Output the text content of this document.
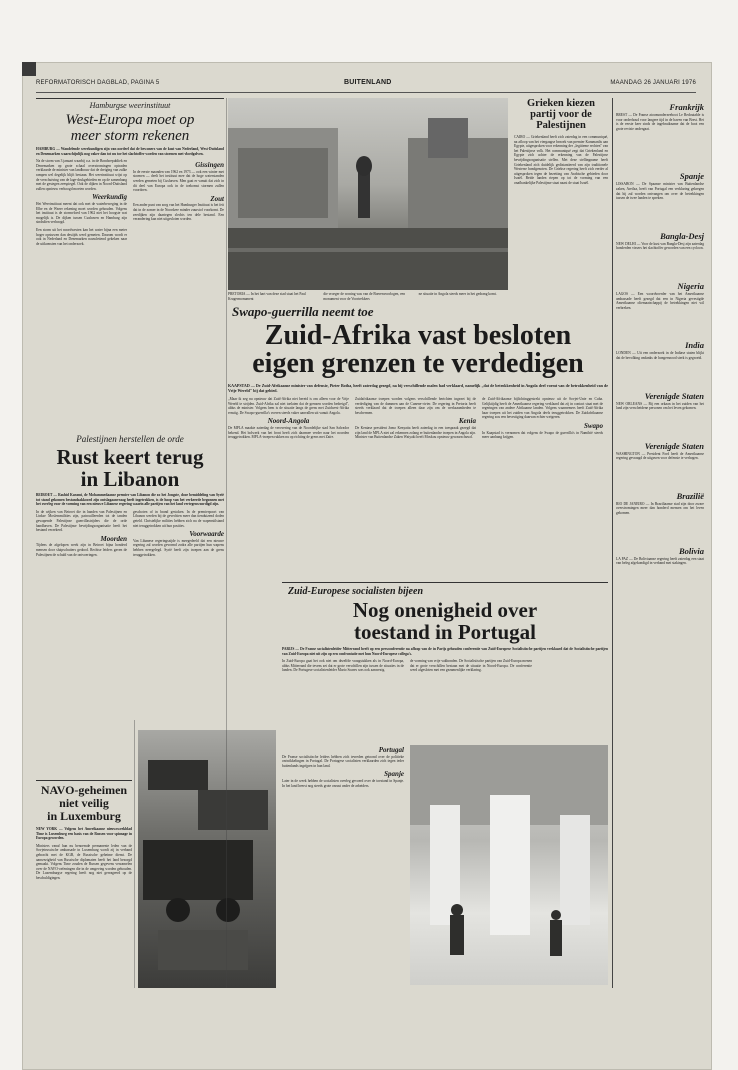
REFORMATORISCH DAGBLAD, PAGINA 5	BUITENLAND	MAANDAG 26 JANUARI 1976
Hamburgse weerinstituut
West-Europa moet op
meer storm rekenen
HAMBURG — Wandelende weerkundigen zijn van oordeel dat de bewoners van de kust van Nederland, West-Duitsland en Denemarken waarschijnlijk nog vaker dan tot nu toe het slachtoffer worden van stormen met vloedgolven.

Na de storm van 3 januari waarbij o.a. in de Bondsrepubliek en Denemarken op grote schaal overstromingen optraden verklaarde de minister van landbouw dat de dreiging van zulke rampen wel degelijk blijft bestaan. Het weerinstituut wijst op de verschuiving van de lage-drukgebieden en op de samenhang met de gestegen zeespiegel. Ook de dijken in Noord-Duitsland zullen opnieuw verhoogd moeten worden.

Weerkundig

Het Weerinstituut meent dat ook met de waterbeweging in de Elbe en de Wezer rekening moet worden gehouden. Volgens het instituut is de stormvloed van 1962 niet het hoogste wat mogelijk is. De dijken tussen Cuxhaven en Hamburg zijn sindsdien verhoogd.

Een storm uit het noordwesten kan het water bijna een meter hoger opstuwen dan destijds werd gemeten. Daarom wordt er ook in Nederland en Denemarken nauwlettend gekeken naar de uitkomsten van het onderzoek.

Gissingen

In de eerste maanden van 1962 en 1973 — ook een winter met stormen — deelt het instituut mee dat de hoge waterstanden werden gemeten bij Cuxhaven. Men gaat er vanuit dat zich in dit deel van Europa ook in de toekomst stormen zullen voordoen.

Zout

Een ander punt van zorg van het Hamburger Instituut is het feit dat in de zomer in de Noordzee minder zuurstof voorkomt. De zeedijken zijn daartegen slechts ten dele bestand. Een verandering kan niet uitgesloten worden.

PRETORIA — In het hart van deze stad staat het Paul Krugermonument
die vroeger de woning was van de Boerenvoorlogen, een monument voor de Voortrekkers
ne situatie in Angola steeds meer in het gedrang komt.
Grieken kiezen
partij voor de
Palestijnen
CAIRO — Griekenland heeft zich zaterdag in een communiqué, na afloop van het viergaagse bezoek van premier Karamanlis aan Egypte, uitgesproken voor erkenning der „legitieme rechten" van het Palestijnse volk. Het communiqué zegt dat Griekenland en Egypte zich achter de erkenning van de Palestijnse bevrijdingsorganisatie stellen. Met deze stellingname heeft Griekenland zich duidelijk gedistantieerd van zijn traditionele Westerse bondgenoten. De Griekse regering heeft zich eerder al uitgesproken tegen de bezetting van Arabische gebieden door Israël. Beide landen riepen op tot de vorming van een onafhankelijke Palestijnse staat naast de staat Israël.
Swapo-guerrilla neemt toe
Zuid-Afrika vast besloten
eigen grenzen te verdedigen
KAAPSTAD — De Zuid-Afrikaanse minister van defensie, Pieter Botha, heeft zaterdag gezegd, na bij verschillende malen had verklaard, namelijk „dat de betrokkenheid in Angola deel vormt van de betrokkenheid van de Vrije Wereld" bij dat gebied.

„Maar ik zeg nu opnieuw dat Zuid-Afrika niet bereid is om alleen voor de Vrije Wereld te strijden. Zuid-Afrika zal niet toelaten dat de grenzen worden bedreigd", aldus de minister. Volgens hem is de situatie langs de grens met Zuidwest-Afrika ernstig. De Swapo-guerrilla's voeren steeds vaker aanvallen uit vanuit Angola.

Noord-Angola

De MPLA maakte zaterdag de verovering van de Noordelijke stad San Salvador bekend. Het bolwerk van het front heeft zich daarmee verder naar het noorden teruggetrokken. MPLA-troepen rukken nu op richting de grens met Zaïre.

Zuidafrikaanse troepen worden volgens verschillende berichten ingezet bij de verdediging van de dammen aan de Cunene-rivier. De regering in Pretoria heeft steeds verklaard dat de troepen alleen daar zijn om de werkzaamheden te beschermen.

Kenia

De Keniase president Jomo Kenyatta heeft zaterdag in een toespraak gezegd dat zijn land de MPLA niet zal erkennen zolang er buitenlandse troepen in Angola zijn. Minister van Buitenlandse Zaken Waiyaki heeft Moskou opnieuw gewaarschuwd.

de Zuid-Afrikaanse bijlichtinggestrekt opnieuw uit de Sovjet-Unie en Cuba. Gelijktijdig heeft de Amerikaanse regering verklaard dat zij in contact staat met de regeringen van andere Afrikaanse landen. Volgens waarnemers heeft Zuid-Afrika haar troepen uit het zuiden van Angola deels teruggetrokken. De Zuidafrikaanse regering zou een bevestiging daarvan echter weigeren.

Swapo

In Kaapstad is vernomen dat volgens de Swapo de guerrilla's in Namibië steeds meer aanhang krijgen.

Palestijnen herstellen de orde
Rust keert terug
in Libanon
BEIROET — Rashid Karami, de Mohammedaanse premier van Libanon die zo het Jongste, door bemiddeling van Syrië tot stand gekomen bestandsakkoord zijn ontslagaanvraag heeft ingetrokken, is de hoop van het verkeerde begonnen met het overleg voor de vorming van een nieuwe Libanese regering waarin alle partijen van het land vertegenwoordigd zijn.

In de wijken van Beiroet die in handen van Palestijnen en Linkse Moslemmilities zijn, patrouilleerden tot de tanden gewapende Palestijnse guerrillastrijders die de orde handhaven. De Palestijnse bevrijdingsorganisatie heeft het bestand verzekerd.

Moorden

Tijdens de afgelopen week zijn in Beiroet bijna honderd mensen door sluipschutters gedood. Rechtse leiders gaven de Palestijnen de schuld van de ontvoeringen.

geschoten of in brand gestoken. In de premierpoort van Libanon werden bij de gevechten meer dan tienduizend doden geteld. Christelijke milities hebben zich na de wapenstilstand niet teruggetrokken uit hun posities.

Voorwaarde

Van Libanese regeringszijde is meegedeeld dat een nieuwe regering zal worden gevormd zodra alle partijen hun wapens hebben neergelegd. Syrië heeft zijn troepen aan de grens teruggetrokken.

NAVO-geheimen
niet veilig
in Luxemburg
NEW YORK — Volgens het Amerikaanse nieuwsweekblad Time is Luxemburg een basis van de Russen voor spionage in Europa geworden.
Ministers vanaf hun nu benoemde permanente leden van de Sovjetrussische ambassade in Luxemburg wordt zij in verband gebracht met de KGB, de Russische geheime dienst. De aanwezigheid van Russische diplomaten heeft het land bezorgd gemaakt. Volgens Time zouden de Russen gegevens verzamelen over de NAVO-oefeningen die in de omgeving worden gehouden. De Luxemburgse regering heeft nog niet gereageerd op de beschuldigingen.
Zuid-Europese socialisten bijeen
Nog onenigheid over
toestand in Portugal
PARIJS — De Franse socialistenleider Mitterrand heeft op een persconferentie na afloop van de in Parijs gehouden conferentie van Zuid-Europese Socialistische partijen verklaard dat de Socialistische partijen van Zuid-Europa niet uit zijn op een confrontatie met hun Noord-Europese collega's.

In Zuid-Europa gaat het ook niet om dezelfde vraagstukken als in Noord-Europa, aldus Mitterrand die tevens zei dat er grote verschillen zijn tussen de situaties in de landen. De Portugese socialistenleider Mario Soares was ook aanwezig.

de vorming van vrije vakbonden. De Socialistische partijen van Zuid-Europa menen dat er grote verschillen bestaan met de situatie in Noord-Europa. De conferentie werd afgesloten met een gezamenlijke verklaring.

Portugal

De Franse socialistische leiders hebben zich tevreden getoond over de politieke ontwikkelingen in Portugal. De Portugese socialisten verklaarden zich tegen ieder buitenlands ingrijpen in hun land.

Spanje

Later in de week hebben de socialisten overleg gevoerd over de toestand in Spanje. In het land heerst nog steeds grote onrust onder de arbeiders.

Frankrijk
BREST — De Franse atoomonderzeeboot Le Redoutable is voor onderhoud voor langere tijd in de haven van Brest. Het is de eerste keer sinds de ingebruikname dat de boot een grote revisie ondergaat.
Spanje
LISSABON — De Spaanse minister van Buitenlandse zaken, Areilza, heeft van Portugal een verklaring gekregen dat hij zal worden ontvangen om over de betrekkingen tussen de twee landen te spreken.
Bangla-Desj
NEW DELHI — Voor de kust van Bangla-Desj zijn zaterdag honderden vissers het slachtoffer geworden van een cycloon.
Nigeria
LAGOS — Een woordvoerder van het Amerikaanse ambassade heeft gezegd dat een in Nigeria gevestigde Amerikaanse oliemaatschappij de betrekkingen niet wil verbreken.
India
LONDEN — Uit een onderzoek in de Indiase staten blijkt dat de bevolking ondanks de hongersnood sterk is gegroeid.
Verenigde Staten
NEW ORLEANS — Bij een orkaan in het zuiden van het land zijn verscheidene personen om het leven gekomen.
Verenigde Staten
WASHINGTON — President Ford heeft de Amerikaanse regering gevraagd de uitgaven voor defensie te verhogen.
Brazilië
RIO DE JANEIRO — In Braziliaanse stad zijn door zware overstromingen meer dan honderd mensen om het leven gekomen.
Bolivia
LA PAZ — De Boliviaanse regering heeft zaterdag een staat van beleg afgekondigd in verband met stakingen.
